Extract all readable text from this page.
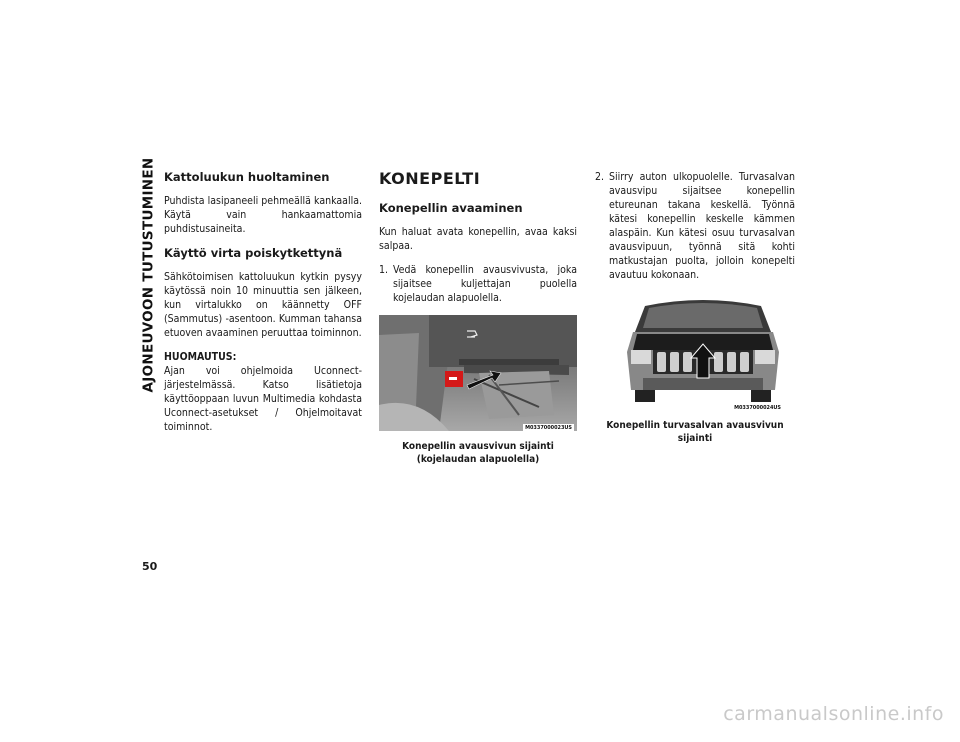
AJONEUVOON TUTUSTUMINEN
50
Kattoluukun huoltaminen

Puhdista lasipaneeli pehmeällä kankaalla. Käytä vain hankaamattomia puhdistusaineita.

Käyttö virta poiskytkettynä

Sähkötoimisen kattoluukun kytkin pysyy käytössä noin 10 minuuttia sen jälkeen, kun virtalukko on käännetty OFF (Sammutus) -asentoon. Kumman tahansa etuoven avaaminen peruuttaa toiminnon.

HUOMAUTUS:

Ajan voi ohjelmoida Uconnect-järjestelmässä. Katso lisätietoja käyttöoppaan luvun Multimedia kohdasta Uconnect-asetukset / Ohjelmoitavat toiminnot.

KONEPELTI
Konepellin avaaminen

Kun haluat avata konepellin, avaa kaksi salpaa.

1. Vedä konepellin avausvivusta, joka sijaitsee kuljettajan puolella kojelaudan alapuolella.
M0337000023US
Konepellin avausvivun sijainti
(kojelaudan alapuolella)
2. Siirry auton ulkopuolelle. Turvasalvan avausvipu sijaitsee konepellin etureunan takana keskellä. Työnnä kätesi konepellin keskelle kämmen alaspäin. Kun kätesi osuu turvasalvan avausvipuun, työnnä sitä kohti matkustajan puolta, jolloin konepelti avautuu kokonaan.
M0337000024US
Konepellin turvasalvan avausvivun sijainti
carmanualsonline.info
